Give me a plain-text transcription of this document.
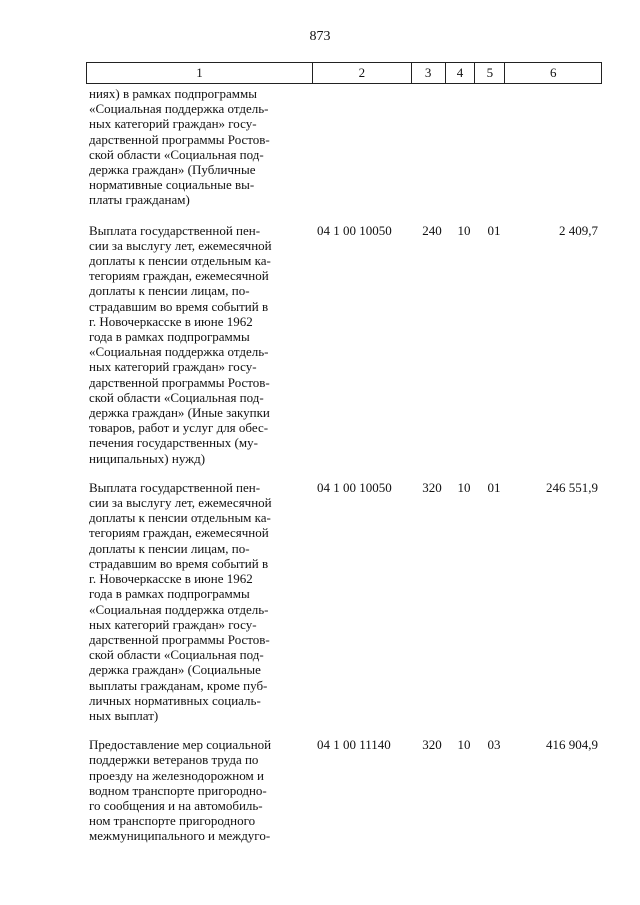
873
1	2	3	4	5	6
ниях) в рамках подпрограммы
«Социальная поддержка отдель-
ных категорий граждан» госу-
дарственной программы Ростов-
ской области «Социальная под-
держка граждан» (Публичные
нормативные социальные вы-
платы гражданам)
Выплата государственной пен-
сии за выслугу лет, ежемесячной
доплаты к пенсии отдельным ка-
тегориям граждан, ежемесячной
доплаты к пенсии лицам, по-
страдавшим во время событий в
г. Новочеркасске в июне 1962
года в рамках подпрограммы
«Социальная поддержка отдель-
ных категорий граждан» госу-
дарственной программы Ростов-
ской области «Социальная под-
держка граждан» (Иные закупки
товаров, работ и услуг для обес-
печения государственных (му-
ниципальных) нужд)
04 1 00 10050	240	10	01	2 409,7
Выплата государственной пен-
сии за выслугу лет, ежемесячной
доплаты к пенсии отдельным ка-
тегориям граждан, ежемесячной
доплаты к пенсии лицам, по-
страдавшим во время событий в
г. Новочеркасске в июне 1962
года в рамках подпрограммы
«Социальная поддержка отдель-
ных категорий граждан» госу-
дарственной программы Ростов-
ской области «Социальная под-
держка граждан» (Социальные
выплаты гражданам, кроме пуб-
личных нормативных социаль-
ных выплат)
04 1 00 10050	320	10	01	246 551,9
Предоставление мер социальной
поддержки ветеранов труда по
проезду на железнодорожном и
водном транспорте пригородно-
го сообщения и на автомобиль-
ном транспорте пригородного
межмуниципального и междуго-
04 1 00 11140	320	10	03	416 904,9
